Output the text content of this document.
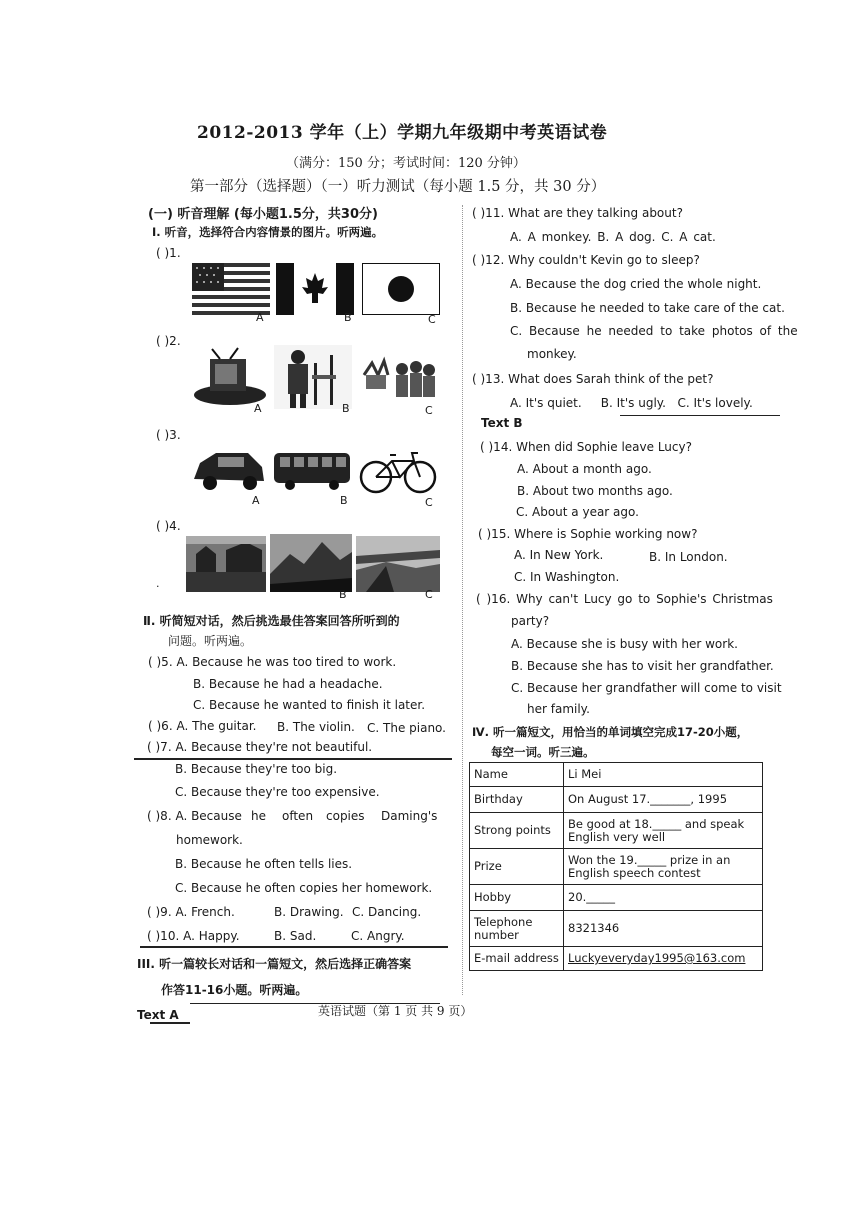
2012-2013 学年（上）学期九年级期中考英语试卷
（满分：150 分；考试时间：120 分钟）
第一部分（选择题）（一）听力测试（每小题 1.5 分，共 30 分）
(一) 听音理解 (每小题1.5分，共30分)
Ⅰ. 听音，选择符合内容情景的图片。听两遍。
( )1.
A	B	C
( )2.
A	B	C
( )3.
A	B	C
( )4.
·
B	C
Ⅱ. 听简短对话，然后挑选最佳答案回答所听到的
问题。听两遍。
( )5. A. Because he was too tired to work.
B. Because he had a headache.
C. Because he wanted to finish it later.
( )6. A. The guitar. B. The violin. C. The piano.
( )7. A. Because they're not beautiful.
B. Because they're too big.
C. Because they're too expensive.
( )8. A. Because he often copies Daming's
homework.
B. Because he often tells lies.
C. Because he often copies her homework.
( )9. A. French.	B. Drawing. C. Dancing.
( )10. A. Happy.	B. Sad.	C. Angry.
III. 听一篇较长对话和一篇短文，然后选择正确答案
作答11-16小题。听两遍。
Text A
( )11. What are they talking about?
A. A monkey. B. A dog. C. A cat.
( )12. Why couldn't Kevin go to sleep?
A. Because the dog cried the whole night.
B. Because he needed to take care of the cat.
C. Because he needed to take photos of the
monkey.
( )13. What does Sarah think of the pet?
A. It's quiet.     B. It's ugly.   C. It's lovely.
Text B
( )14. When did Sophie leave Lucy?
A. About a month ago.
B. About two months ago.
C. About a year ago.
( )15. Where is Sophie working now?
A. In New York.	B. In London.
C. In Washington.
( )16. Why can't Lucy go to Sophie's Christmas
party?
A. Because she is busy with her work.
B. Because she has to visit her grandfather.
C. Because her grandfather will come to visit
her family.
Ⅳ. 听一篇短文，用恰当的单词填空完成17-20小题，
每空一词。听三遍。
Name	Li Mei
Birthday	On August 17._______, 1995
Strong points	Be good at 18._____ and speak English very well
Prize	Won the 19._____ prize in an English speech contest
Hobby	20._____
Telephone number	8321346
E-mail address	Luckyeveryday1995@163.com
英语试题（第 1 页 共 9 页）
